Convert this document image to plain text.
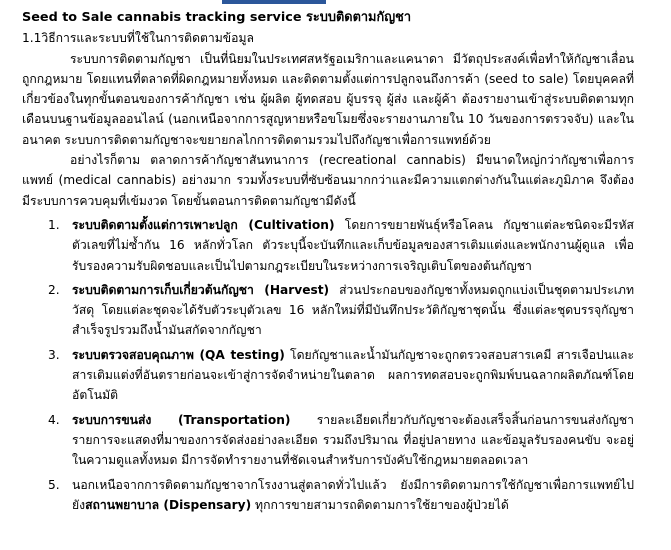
Seed to Sale cannabis tracking service ระบบติดตามกัญชา

1.1วิธีการและระบบที่ใช้ในการติดตามข้อมูล

ระบบการติดตามกัญชา เป็นที่นิยมในประเทศสหรัฐอเมริกาและแคนาดา มีวัตถุประสงค์เพื่อทำให้กัญชาเลื่อนถูกกฎหมาย โดยแทนที่ตลาดที่ผิดกฎหมายทั้งหมด และติดตามตั้งแต่การปลูกจนถึงการค้า (seed to sale) โดยบุคคลที่เกี่ยวข้องในทุกขั้นตอนของการค้ากัญชา เช่น ผู้ผลิต ผู้ทดสอบ ผู้บรรจุ ผู้ส่ง และผู้ค้า ต้องรายงานเข้าสู่ระบบติดตามทุกเดือนบนฐานข้อมูลออนไลน์ (นอกเหนือจากการสูญหายหรือขโมยซึ่งจะรายงานภายใน 10 วันของการตรวจจับ) และในอนาคต ระบบการติดตามกัญชาจะขยายกลไกการติดตามรวมไปถึงกัญชาเพื่อการแพทย์ด้วย

อย่างไรก็ตาม ตลาดการค้ากัญชาสันทนาการ (recreational cannabis) มีขนาดใหญ่กว่ากัญชาเพื่อการแพทย์ (medical cannabis) อย่างมาก รวมทั้งระบบที่ซับซ้อนมากกว่าและมีความแตกต่างกันในแต่ละภูมิภาค จึงต้องมีระบบการควบคุมที่เข้มงวด โดยขั้นตอนการติดตามกัญชามีดังนี้

1. ระบบติดตามตั้งแต่การเพาะปลูก (Cultivation) โดยการขยายพันธุ์หรือโคลน กัญชาแต่ละชนิดจะมีรหัสตัวเลขที่ไม่ซ้ำกัน 16 หลักทั่วโลก ตัวระบุนี้จะบันทึกและเก็บข้อมูลของสารเติมแต่งและพนักงานผู้ดูแล เพื่อรับรองความรับผิดชอบและเป็นไปตามกฎระเบียบในระหว่างการเจริญเติบโตของต้นกัญชา
2. ระบบติดตามการเก็บเกี่ยวต้นกัญชา (Harvest) ส่วนประกอบของกัญชาทั้งหมดถูกแบ่งเป็นชุดตามประเภทวัสดุ โดยแต่ละชุดจะได้รับตัวระบุตัวเลข 16 หลักใหม่ที่มีบันทึกประวัติกัญชาชุดนั้น ซึ่งแต่ละชุดบรรจุกัญชาสำเร็จรูปรวมถึงน้ำมันสกัดจากกัญชา
3. ระบบตรวจสอบคุณภาพ (QA testing) โดยกัญชาและน้ำมันกัญชาจะถูกตรวจสอบสารเคมี สารเจือปนและสารเติมแต่งที่อันตรายก่อนจะเข้าสู่การจัดจำหน่ายในตลาด ผลการทดสอบจะถูกพิมพ์บนฉลากผลิตภัณฑ์โดยอัตโนมัติ
4. ระบบการขนส่ง (Transportation) รายละเอียดเกี่ยวกับกัญชาจะต้องเสร็จสิ้นก่อนการขนส่งกัญชา รายการจะแสดงที่มาของการจัดส่งอย่างละเอียด รวมถึงปริมาณ ที่อยู่ปลายทาง และข้อมูลรับรองคนขับ จะอยู่ในความดูแลทั้งหมด มีการจัดทำรายงานที่ชัดเจนสำหรับการบังคับใช้กฎหมายตลอดเวลา
5. นอกเหนือจากการติดตามกัญชาจากโรงงานสู่ตลาดทั่วไปแล้ว ยังมีการติดตามการใช้กัญชาเพื่อการแพทย์ไปยังสถานพยาบาล (Dispensary) ทุกการขายสามารถติดตามการใช้ยาของผู้ป่วยได้
